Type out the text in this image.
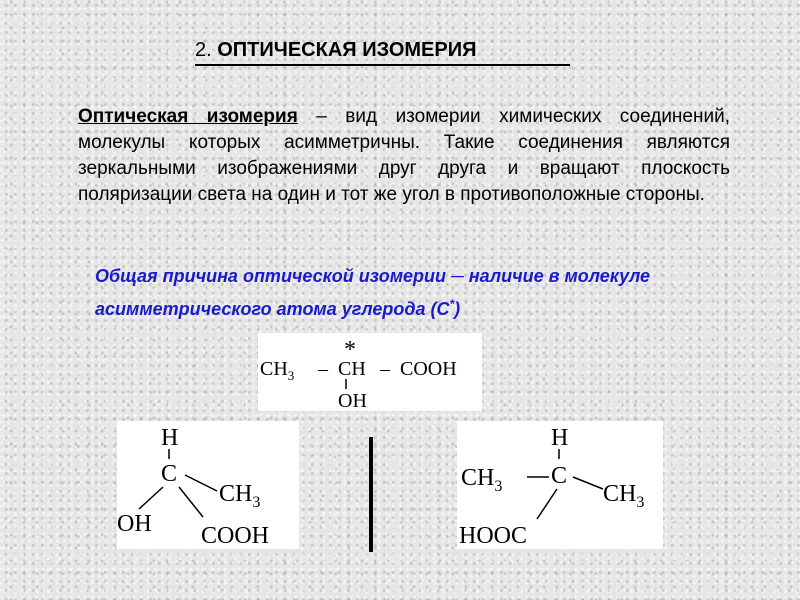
2. ОПТИЧЕСКАЯ ИЗОМЕРИЯ
Оптическая изомерия – вид изомерии химических соединений, молекулы которых асимметричны. Такие соединения являются зеркальными изображениями друг друга и вращают плоскость поляризации света на один и тот же угол в противоположные стороны.
Общая причина оптической изомерии ─ наличие в молекуле асимметрического атома углерода (С*)
*
$CH_3$ – CH – COOH
OH
H
C
$CH_3$
OH COOH
H
$CH_3$ C
$CH_3$
HOOC
